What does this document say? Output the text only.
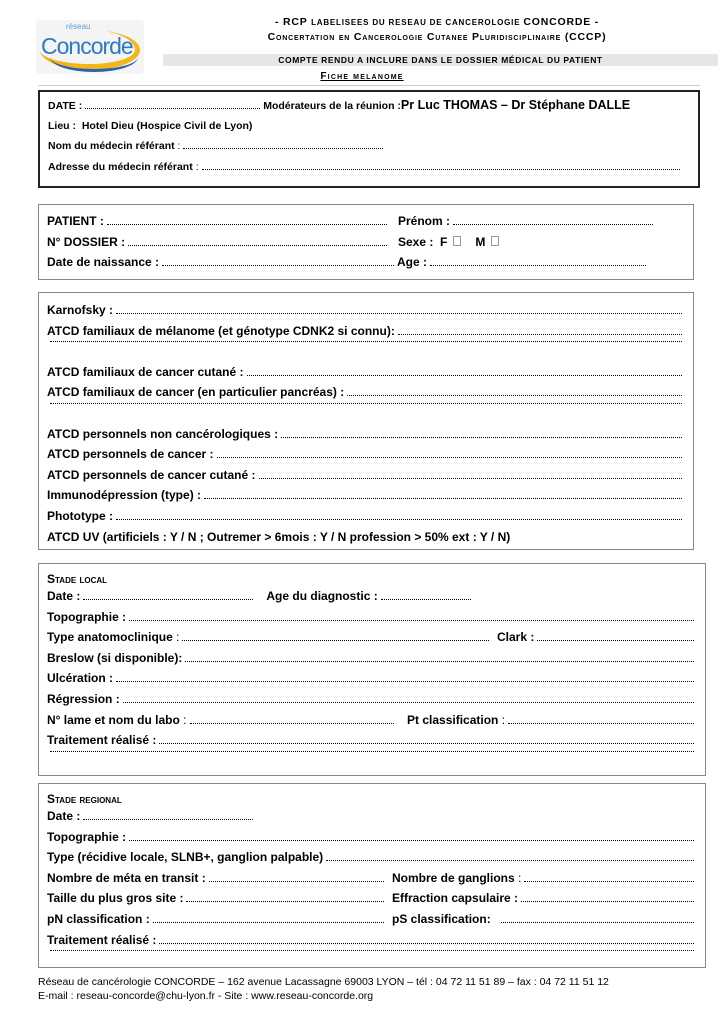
réseau
Concorde
- RCP LABELISEES DU RESEAU DE CANCEROLOGIE CONCORDE -
Concertation en Cancerologie Cutanee Pluridisciplinaire (CCCP)
COMPTE RENDU A INCLURE DANS LE DOSSIER MÉDICAL DU PATIENT
Fiche melanome
DATE :	Modérateurs de la réunion : Pr Luc THOMAS – Dr Stéphane DALLE
Lieu :
Hotel Dieu (Hospice Civil de Lyon)
Nom du médecin référant
:
Adresse du médecin référant
:
PATIENT :	Prénom :
N° DOSSIER :	Sexe :
F M
Date de naissance :	Age :
Karnofsky :
ATCD familiaux de mélanome (et génotype CDNK2 si connu):
ATCD familiaux de cancer cutané :
ATCD familiaux de cancer (en particulier pancréas) :
ATCD personnels non cancérologiques :
ATCD personnels de cancer :
ATCD personnels de cancer cutané :
Immunodépression (type) :
Phototype :
ATCD UV (artificiels : Y / N ; Outremer > 6mois : Y / N profession > 50% ext : Y / N)
Stade local
Date :
	Age du diagnostic :
Topographie :
Type anatomoclinique :	Clark :
Breslow (si disponible):
Ulcération :
Régression :
N° lame et nom du labo :	Pt classification :
Traitement réalisé :
Stade regional
Date :
Topographie :
Type (récidive locale, SLNB+, ganglion palpable)
Nombre de méta en transit :	Nombre de ganglions :
Taille du plus gros site :	Effraction capsulaire :
pN classification :	pS classification:
Traitement réalisé :
Réseau de cancérologie CONCORDE – 162 avenue Lacassagne 69003 LYON – tél : 04 72 11 51 89 – fax : 04 72 11 51 12
E-mail : reseau-concorde@chu-lyon.fr - Site : www.reseau-concorde.org
